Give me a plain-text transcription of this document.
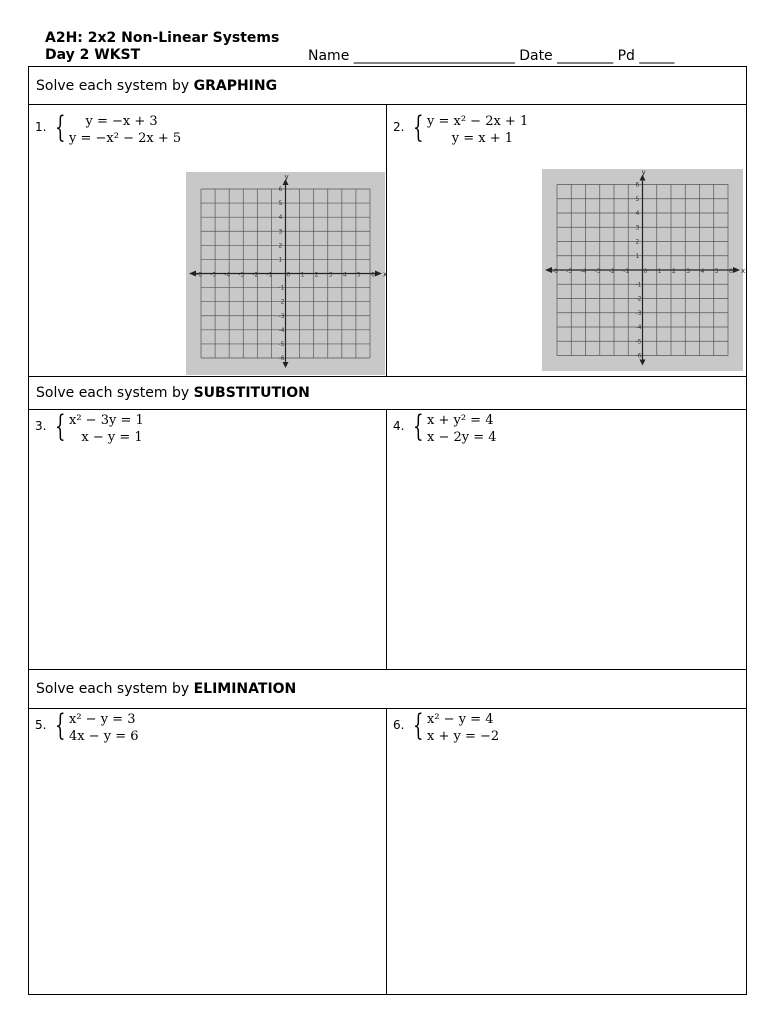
A2H: 2x2 Non-Linear Systems
Day 2 WKST	Name _______________________ Date ________ Pd _____
Solve each system by GRAPHING
1. { y = −x + 3
y = −x² − 2x + 5
x
y
-6 -5 -4 -3 -2 -1 0 1 2 3 4 5 6
6
5
4
3
2
1
-1
-2
-3
-4
-5
-6
2. { y = x² − 2x + 1
y = x + 1
x
y
-6 -5 -4 -3 -2 -1 0 1 2 3 4 5 6
6
5
4
3
2
1
-1
-2
-3
-4
-5
-6
Solve each system by SUBSTITUTION
3. { x² − 3y = 1
x − y = 1
4. { x + y² = 4
x − 2y = 4
Solve each system by ELIMINATION
5. { x² − y = 3
4x − y = 6
6. { x² − y = 4
x + y = −2
